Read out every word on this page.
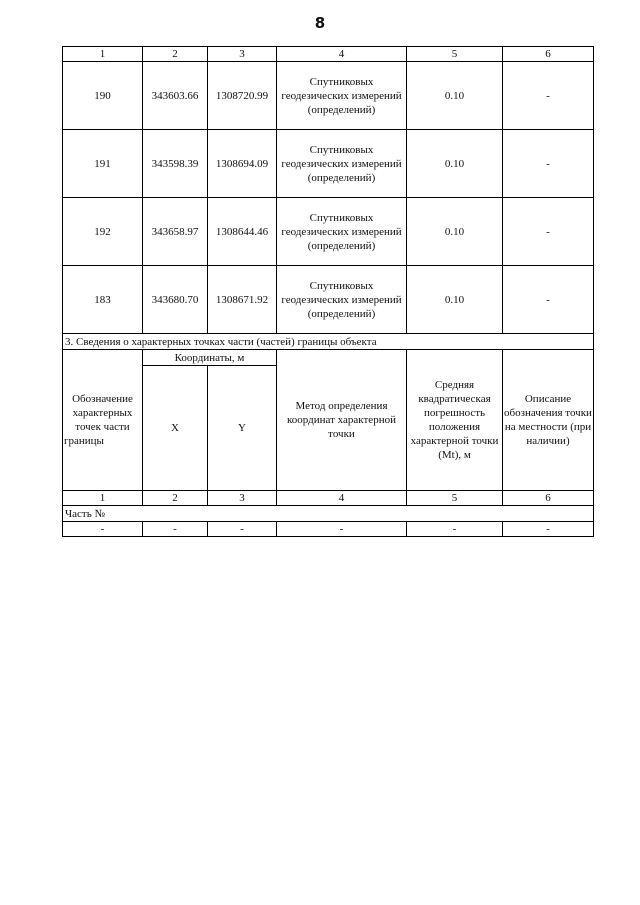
8
1	2	3	4	5	6
190	343603.66	1308720.99	Спутниковых геодезических измерений (определений)	0.10	-
191	343598.39	1308694.09	Спутниковых геодезических измерений (определений)	0.10	-
192	343658.97	1308644.46	Спутниковых геодезических измерений (определений)	0.10	-
183	343680.70	1308671.92	Спутниковых геодезических измерений (определений)	0.10	-
3. Сведения о характерных точках части (частей) границы объекта					
Обозначение характерных точек части границы	Координаты, м		Метод определения координат характерной точки	Средняя квадратическая погрешность положения характерной точки (Mt), м	Описание обозначения точки на местности (при наличии)
	X	Y			
1	2	3	4	5	6
Часть №					
-	-	-	-	-	-
